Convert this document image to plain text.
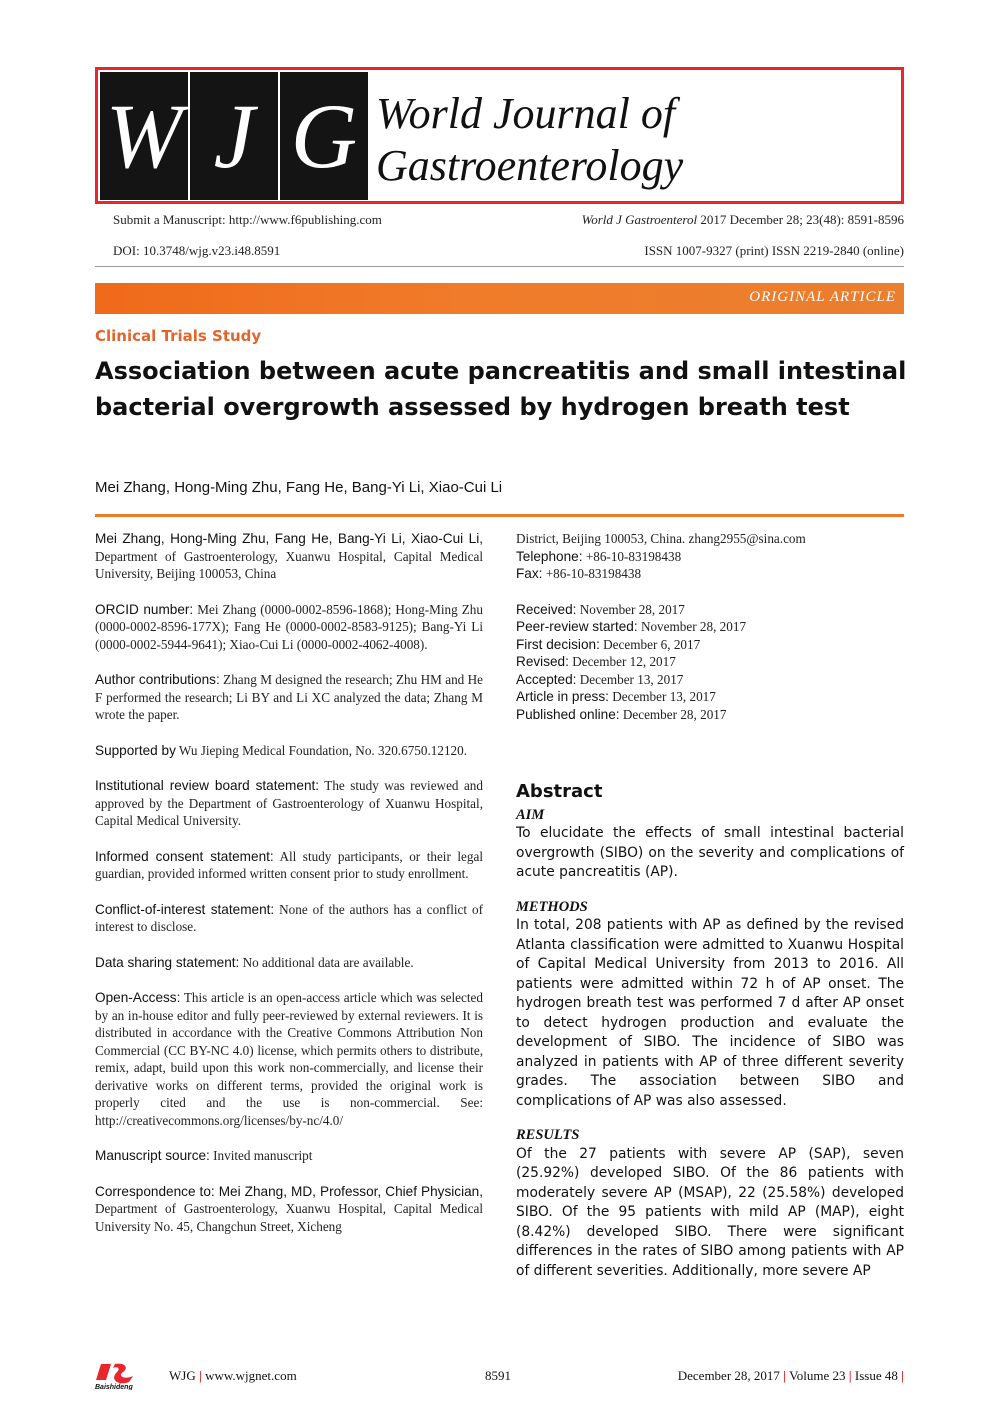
W J G World Journal of
Gastroenterology
Submit a Manuscript: http://www.f6publishing.com	World J Gastroenterol 2017 December 28; 23(48): 8591-8596
DOI: 10.3748/wjg.v23.i48.8591	ISSN 1007-9327 (print) ISSN 2219-2840 (online)
ORIGINAL ARTICLE
Clinical Trials Study
Association between acute pancreatitis and small intestinal
bacterial overgrowth assessed by hydrogen breath test
Mei Zhang, Hong-Ming Zhu, Fang He, Bang-Yi Li, Xiao-Cui Li

Mei Zhang, Hong-Ming Zhu, Fang He, Bang-Yi Li, Xiao-Cui Li, Department of Gastroenterology, Xuanwu Hospital, Capital Medical University, Beijing 100053, China

ORCID number: Mei Zhang (0000-0002-8596-1868); Hong-Ming Zhu (0000-0002-8596-177X); Fang He (0000-0002-8583-9125); Bang-Yi Li (0000-0002-5944-9641); Xiao-Cui Li (0000-0002-4062-4008).

Author contributions: Zhang M designed the research; Zhu HM and He F performed the research; Li BY and Li XC analyzed the data; Zhang M wrote the paper.

Supported by Wu Jieping Medical Foundation, No. 320.6750.12120.

Institutional review board statement: The study was reviewed and approved by the Department of Gastroenterology of Xuanwu Hospital, Capital Medical University.

Informed consent statement: All study participants, or their legal guardian, provided informed written consent prior to study enrollment.

Conflict-of-interest statement: None of the authors has a conflict of interest to disclose.

Data sharing statement: No additional data are available.

Open-Access: This article is an open-access article which was selected by an in-house editor and fully peer-reviewed by external reviewers. It is distributed in accordance with the Creative Commons Attribution Non Commercial (CC BY-NC 4.0) license, which permits others to distribute, remix, adapt, build upon this work non-commercially, and license their derivative works on different terms, provided the original work is properly cited and the use is non-commercial. See: http://creativecommons.org/licenses/by-nc/4.0/

Manuscript source: Invited manuscript

Correspondence to: Mei Zhang, MD, Professor, Chief Physician, Department of Gastroenterology, Xuanwu Hospital, Capital Medical University No. 45, Changchun Street, Xicheng

District, Beijing 100053, China. zhang2955@sina.com
Telephone: +86-10-83198438
Fax: +86-10-83198438
Received: November 28, 2017
Peer-review started: November 28, 2017
First decision: December 6, 2017
Revised: December 12, 2017
Accepted: December 13, 2017
Article in press: December 13, 2017
Published online: December 28, 2017
Abstract

AIM

To elucidate the effects of small intestinal bacterial overgrowth (SIBO) on the severity and complications of acute pancreatitis (AP).

METHODS

In total, 208 patients with AP as defined by the revised Atlanta classification were admitted to Xuanwu Hospital of Capital Medical University from 2013 to 2016. All patients were admitted within 72 h of AP onset. The hydrogen breath test was performed 7 d after AP onset to detect hydrogen production and evaluate the development of SIBO. The incidence of SIBO was analyzed in patients with AP of three different severity grades. The association between SIBO and complications of AP was also assessed.

RESULTS

Of the 27 patients with severe AP (SAP), seven (25.92%) developed SIBO. Of the 86 patients with moderately severe AP (MSAP), 22 (25.58%) developed SIBO. Of the 95 patients with mild AP (MAP), eight (8.42%) developed SIBO. There were significant differences in the rates of SIBO among patients with AP of different severities. Additionally, more severe AP

Baishideng
WJG | www.wjgnet.com	8591	December 28, 2017 | Volume 23 | Issue 48 |
